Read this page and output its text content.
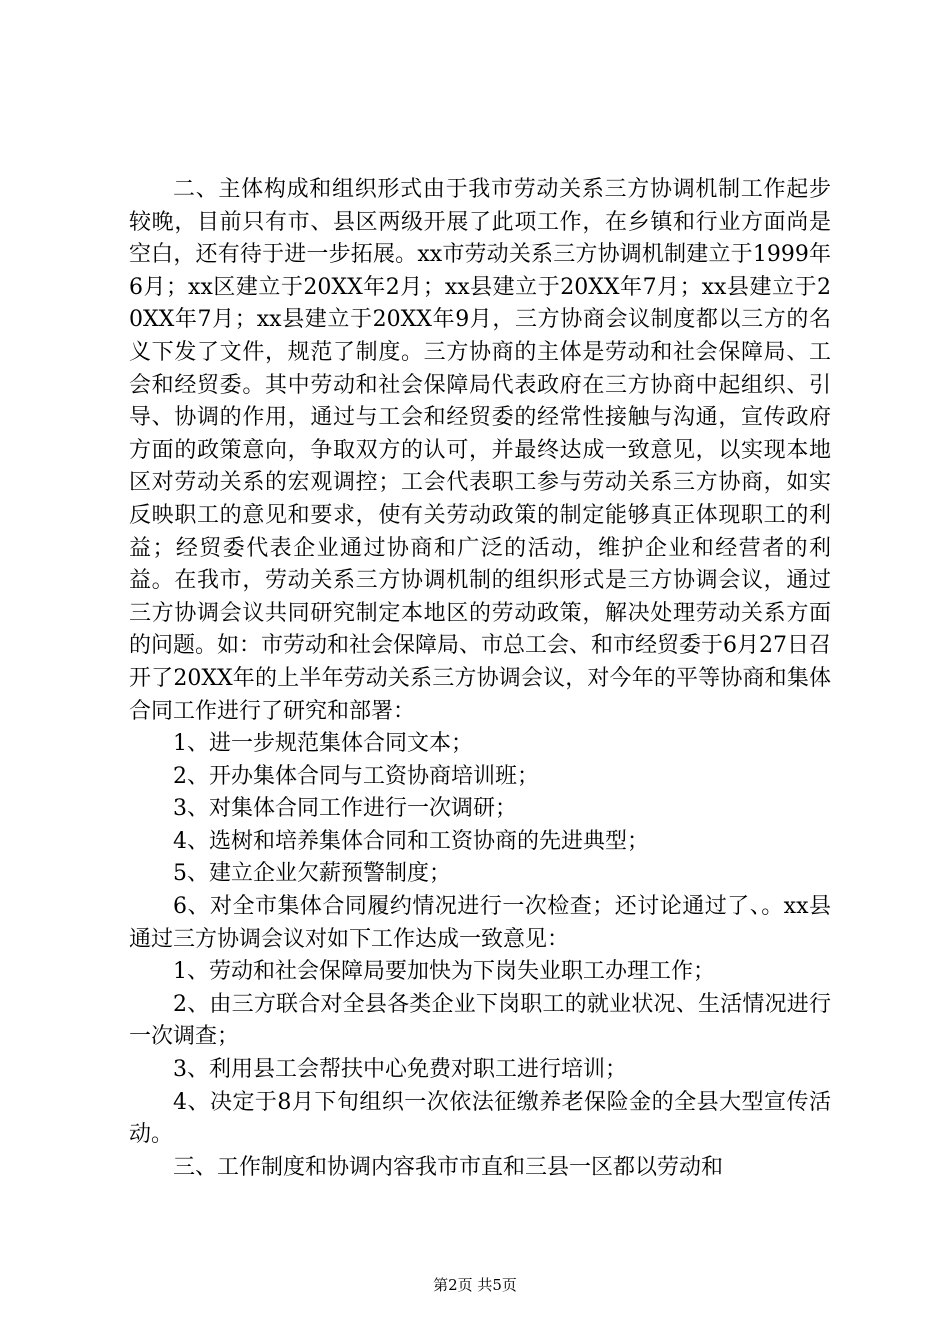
二、主体构成和组织形式由于我市劳动关系三方协调机制工作起步较晚，目前只有市、县区两级开展了此项工作，在乡镇和行业方面尚是空白，还有待于进一步拓展。xx市劳动关系三方协调机制建立于1999年6月；xx区建立于20XX年2月；xx县建立于20XX年7月；xx县建立于20XX年7月；xx县建立于20XX年9月，三方协商会议制度都以三方的名义下发了文件，规范了制度。三方协商的主体是劳动和社会保障局、工会和经贸委。其中劳动和社会保障局代表政府在三方协商中起组织、引导、协调的作用，通过与工会和经贸委的经常性接触与沟通，宣传政府方面的政策意向，争取双方的认可，并最终达成一致意见，以实现本地区对劳动关系的宏观调控；工会代表职工参与劳动关系三方协商，如实反映职工的意见和要求，使有关劳动政策的制定能够真正体现职工的利益；经贸委代表企业通过协商和广泛的活动，维护企业和经营者的利益。在我市，劳动关系三方协调机制的组织形式是三方协调会议，通过三方协调会议共同研究制定本地区的劳动政策，解决处理劳动关系方面的问题。如：市劳动和社会保障局、市总工会、和市经贸委于6月27日召开了20XX年的上半年劳动关系三方协调会议，对今年的平等协商和集体合同工作进行了研究和部署：

1、进一步规范集体合同文本；

2、开办集体合同与工资协商培训班；

3、对集体合同工作进行一次调研；

4、选树和培养集体合同和工资协商的先进典型；

5、建立企业欠薪预警制度；

6、对全市集体合同履约情况进行一次检查；还讨论通过了、。xx县通过三方协调会议对如下工作达成一致意见：

1、劳动和社会保障局要加快为下岗失业职工办理工作；

2、由三方联合对全县各类企业下岗职工的就业状况、生活情况进行一次调查；

3、利用县工会帮扶中心免费对职工进行培训；

4、决定于8月下旬组织一次依法征缴养老保险金的全县大型宣传活动。

三、工作制度和协调内容我市市直和三县一区都以劳动和

第2页 共5页
